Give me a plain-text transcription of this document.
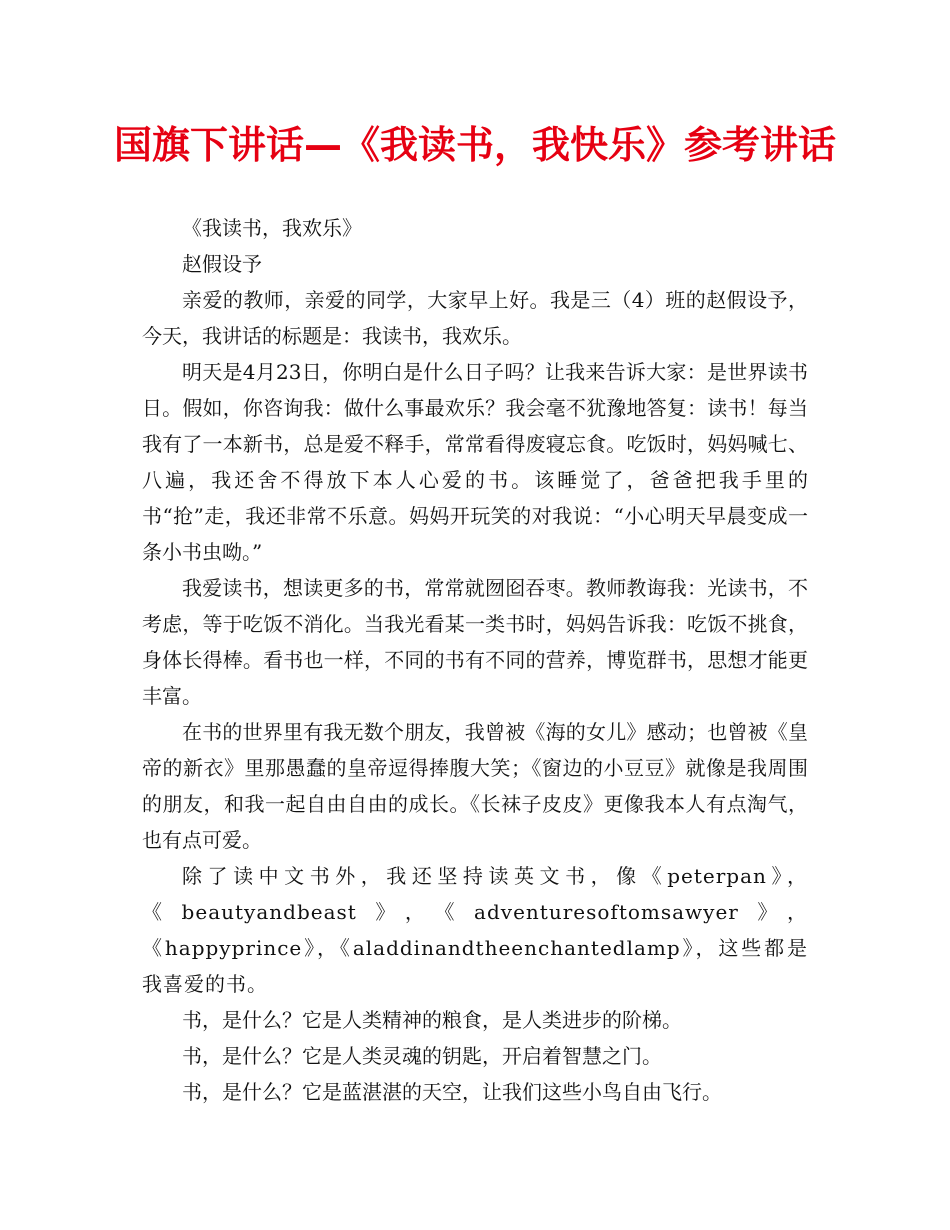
国旗下讲话—《我读书，我快乐》参考讲话

《我读书，我欢乐》

赵假设予

亲爱的教师，亲爱的同学，大家早上好。我是三（4）班的赵假设予，今天，我讲话的标题是：我读书，我欢乐。

明天是4月23日，你明白是什么日子吗？让我来告诉大家：是世界读书日。假如，你咨询我：做什么事最欢乐？我会毫不犹豫地答复：读书！每当我有了一本新书，总是爱不释手，常常看得废寝忘食。吃饭时，妈妈喊七、八遍，我还舍不得放下本人心爱的书。该睡觉了，爸爸把我手里的书“抢”走，我还非常不乐意。妈妈开玩笑的对我说：“小心明天早晨变成一条小书虫呦。”

我爱读书，想读更多的书，常常就囫囵吞枣。教师教诲我：光读书，不考虑，等于吃饭不消化。当我光看某一类书时，妈妈告诉我：吃饭不挑食，身体长得棒。看书也一样，不同的书有不同的营养，博览群书，思想才能更丰富。

在书的世界里有我无数个朋友，我曾被《海的女儿》感动；也曾被《皇帝的新衣》里那愚蠢的皇帝逗得捧腹大笑；《窗边的小豆豆》就像是我周围的朋友，和我一起自由自由的成长。《长袜子皮皮》更像我本人有点淘气，也有点可爱。

除了读中文书外，我还坚持读英文书，像《peterpan》，《beautyandbeast》，《adventuresoftomsawyer》，《happyprince》，《aladdinandtheenchantedlamp》，这些都是我喜爱的书。

书，是什么？它是人类精神的粮食，是人类进步的阶梯。

书，是什么？它是人类灵魂的钥匙，开启着智慧之门。

书，是什么？它是蓝湛湛的天空，让我们这些小鸟自由飞行。
